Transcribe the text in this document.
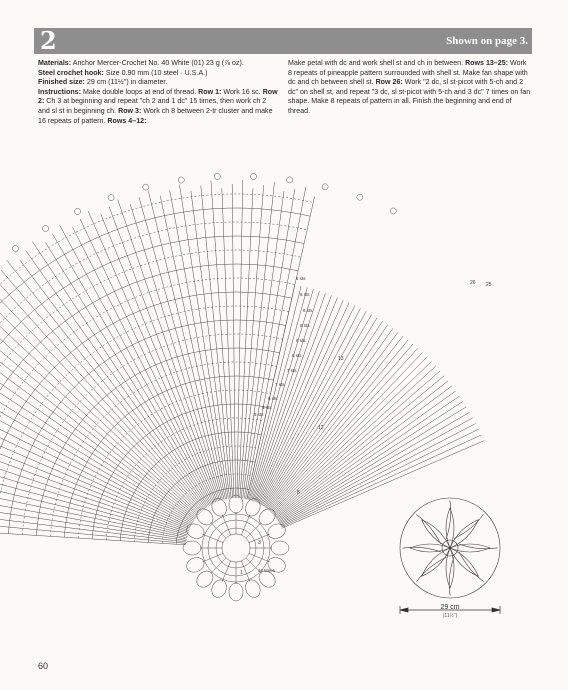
2	Shown on page 3.
Materials: Anchor Mercer-Crochet No. 40 White (01) 23 g (⅞ oz).
Steel crochet hook: Size 0.90 mm (10 steel · U.S.A.)
Finished size: 29 cm (11½") in diameter.
Instructions: Make double loops at end of thread. Row 1: Work 16 sc. Row 2: Ch 3 at beginning and repeat "ch 2 and 1 dc" 15 times, then work ch 2 and sl st in beginning ch. Row 3: Work ch 8 between 2-tr cluster and make 16 repeats of pattern. Rows 4–12:
Make petal with dc and work shell st and ch in between. Rows 13–25: Work 8 repeats of pineapple pattern surrounded with shell st. Make fan shape with dc and ch between shell st. Row 26: Work "2 dc, sl st-picot with 5-ch and 2 dc" on shell st, and repeat "3 dc, sl st-picot with 5-ch and 3 dc" 7 times on fan shape. Make 8 repeats of pattern in all. Finish the beginning and end of thread.
29 cm
(11½")
6 sts
6 sts
6 sts
6 sts
6 sts
6 sts
7 sts
7 sts
6 sts
6 sts
5 sts
16 times
26 25
13
12
5
3
1
60
